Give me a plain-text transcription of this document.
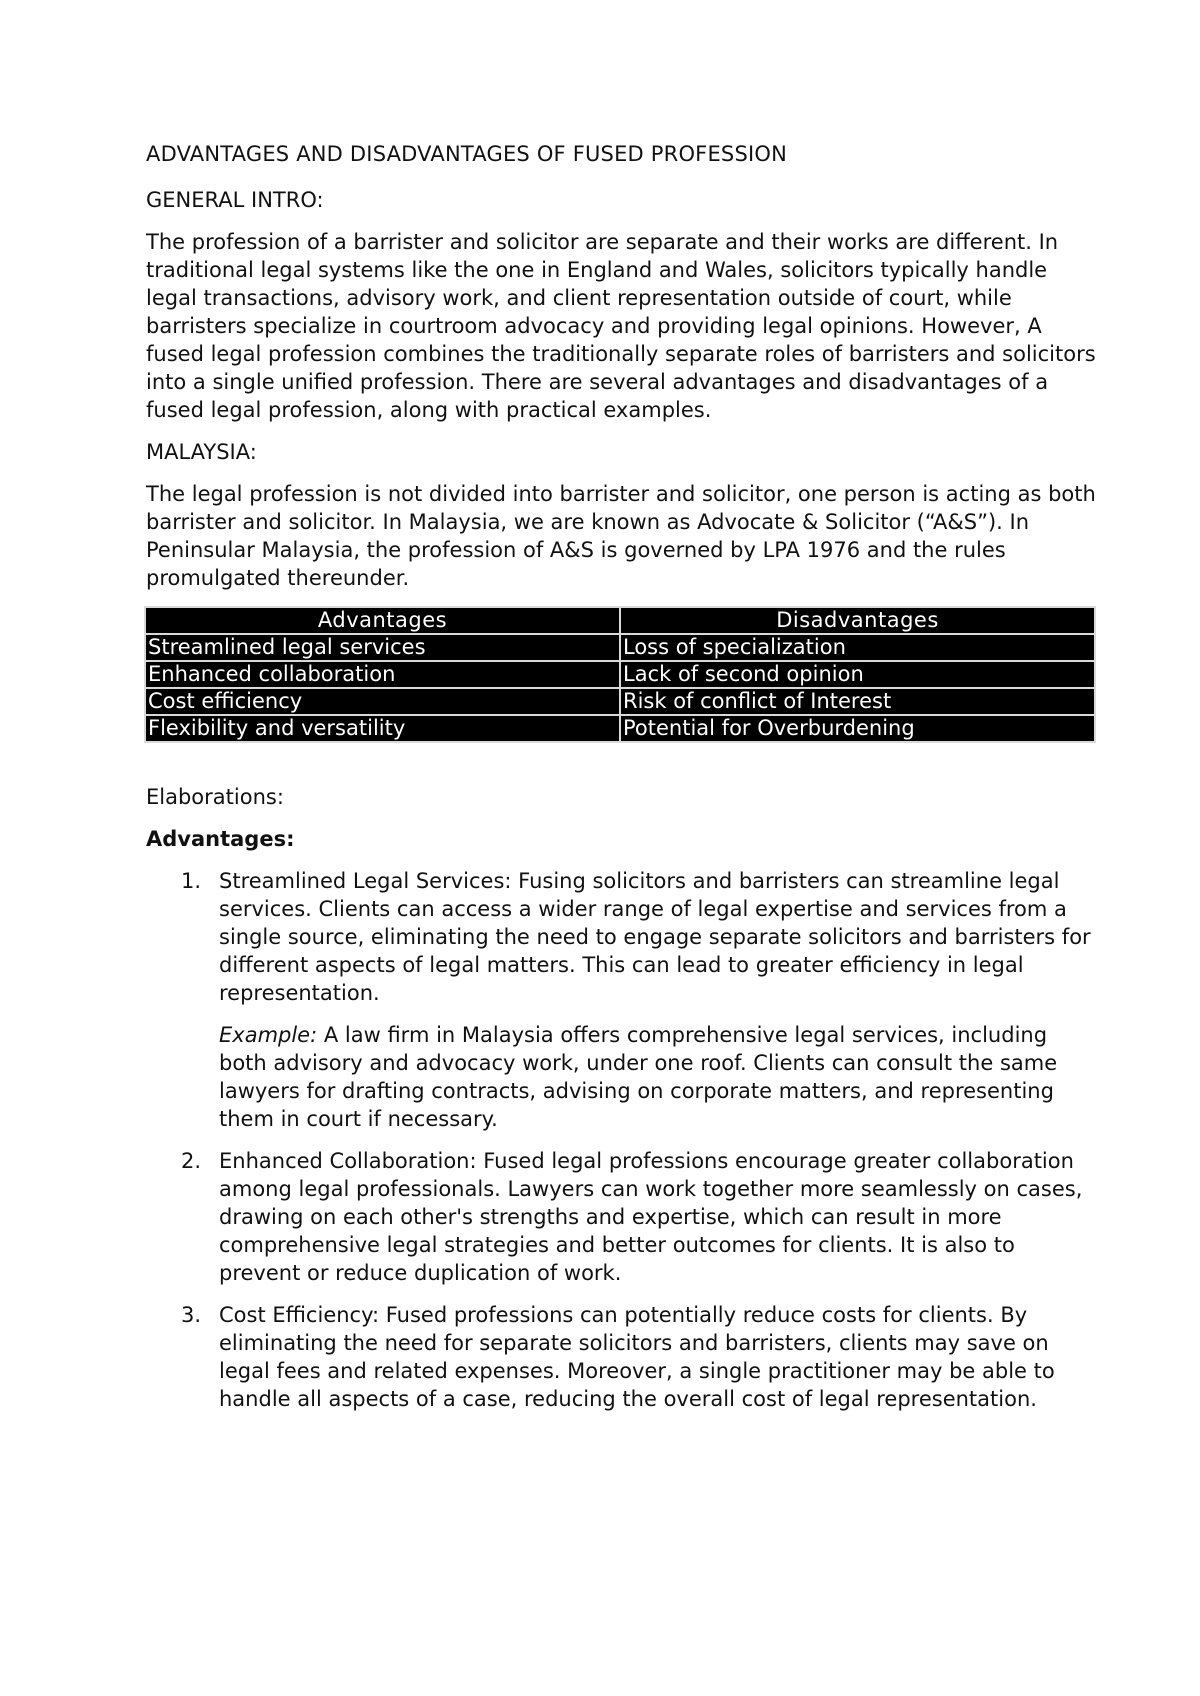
ADVANTAGES AND DISADVANTAGES OF FUSED PROFESSION
GENERAL INTRO:
The profession of a barrister and solicitor are separate and their works are different. In traditional legal systems like the one in England and Wales, solicitors typically handle legal transactions, advisory work, and client representation outside of court, while barristers specialize in courtroom advocacy and providing legal opinions. However, A fused legal profession combines the traditionally separate roles of barristers and solicitors into a single unified profession. There are several advantages and disadvantages of a fused legal profession, along with practical examples.
MALAYSIA:
The legal profession is not divided into barrister and solicitor, one person is acting as both barrister and solicitor. In Malaysia, we are known as Advocate & Solicitor (“A&S”). In Peninsular Malaysia, the profession of A&S is governed by LPA 1976 and the rules promulgated thereunder.
Advantages	Disadvantages
Streamlined legal services	Loss of specialization
Enhanced collaboration	Lack of second opinion
Cost efficiency	Risk of conflict of Interest
Flexibility and versatility	Potential for Overburdening
Elaborations:
Advantages:
1. Streamlined Legal Services: Fusing solicitors and barristers can streamline legal services. Clients can access a wider range of legal expertise and services from a single source, eliminating the need to engage separate solicitors and barristers for different aspects of legal matters. This can lead to greater efficiency in legal representation.
Example: A law firm in Malaysia offers comprehensive legal services, including both advisory and advocacy work, under one roof. Clients can consult the same lawyers for drafting contracts, advising on corporate matters, and representing them in court if necessary.
2. Enhanced Collaboration: Fused legal professions encourage greater collaboration among legal professionals. Lawyers can work together more seamlessly on cases, drawing on each other's strengths and expertise, which can result in more comprehensive legal strategies and better outcomes for clients. It is also to prevent or reduce duplication of work.
3. Cost Efficiency: Fused professions can potentially reduce costs for clients. By eliminating the need for separate solicitors and barristers, clients may save on legal fees and related expenses. Moreover, a single practitioner may be able to handle all aspects of a case, reducing the overall cost of legal representation.
